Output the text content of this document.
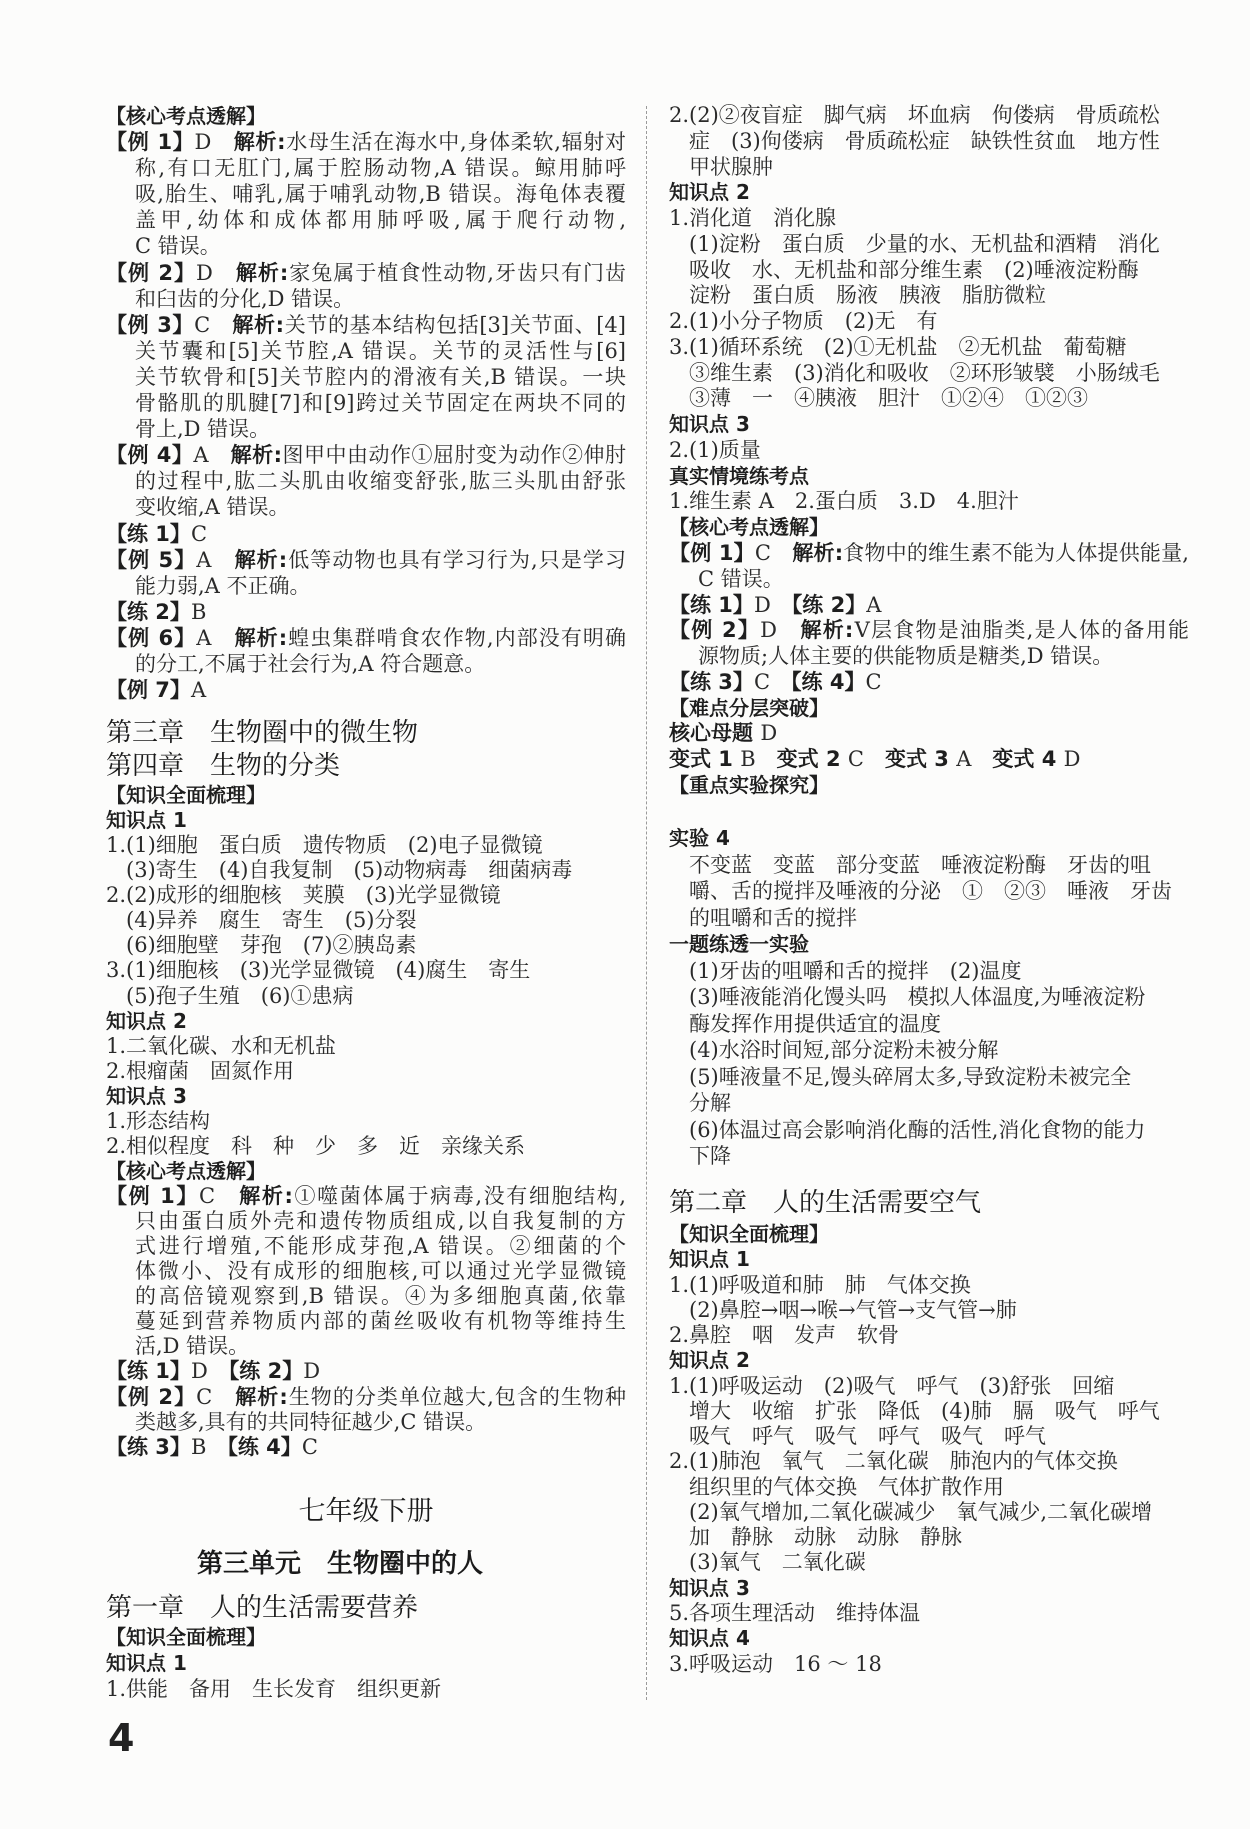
【核心考点透解】
【例 1】D　解析:水母生活在海水中,身体柔软,辐射对
称,有口无肛门,属于腔肠动物,A 错误。鲸用肺呼
吸,胎生、哺乳,属于哺乳动物,B 错误。海龟体表覆
盖甲,幼体和成体都用肺呼吸,属于爬行动物,
C 错误。
【例 2】D　解析:家兔属于植食性动物,牙齿只有门齿
和臼齿的分化,D 错误。
【例 3】C　解析:关节的基本结构包括[3]关节面、[4]
关节囊和[5]关节腔,A 错误。关节的灵活性与[6]
关节软骨和[5]关节腔内的滑液有关,B 错误。一块
骨骼肌的肌腱[7]和[9]跨过关节固定在两块不同的
骨上,D 错误。
【例 4】A　解析:图甲中由动作①屈肘变为动作②伸肘
的过程中,肱二头肌由收缩变舒张,肱三头肌由舒张
变收缩,A 错误。
【练 1】C
【例 5】A　解析:低等动物也具有学习行为,只是学习
能力弱,A 不正确。
【练 2】B
【例 6】A　解析:蝗虫集群啃食农作物,内部没有明确
的分工,不属于社会行为,A 符合题意。
【例 7】A
第三章　生物圈中的微生物
第四章　生物的分类
【知识全面梳理】
知识点 1
1.(1)细胞　蛋白质　遗传物质　(2)电子显微镜
(3)寄生　(4)自我复制　(5)动物病毒　细菌病毒
2.(2)成形的细胞核　荚膜　(3)光学显微镜
(4)异养　腐生　寄生　(5)分裂
(6)细胞壁　芽孢　(7)②胰岛素
3.(1)细胞核　(3)光学显微镜　(4)腐生　寄生
(5)孢子生殖　(6)①患病
知识点 2
1.二氧化碳、水和无机盐
2.根瘤菌　固氮作用
知识点 3
1.形态结构
2.相似程度　科　种　少　多　近　亲缘关系
【核心考点透解】
【例 1】C　解析:①噬菌体属于病毒,没有细胞结构,
只由蛋白质外壳和遗传物质组成,以自我复制的方
式进行增殖,不能形成芽孢,A 错误。②细菌的个
体微小、没有成形的细胞核,可以通过光学显微镜
的高倍镜观察到,B 错误。④为多细胞真菌,依靠
蔓延到营养物质内部的菌丝吸收有机物等维持生
活,D 错误。
【练 1】D　【练 2】D
【例 2】C　解析:生物的分类单位越大,包含的生物种
类越多,具有的共同特征越少,C 错误。
【练 3】B　【练 4】C
七年级下册
第三单元　生物圈中的人
第一章　人的生活需要营养
【知识全面梳理】
知识点 1
1.供能　备用　生长发育　组织更新
2.(2)②夜盲症　脚气病　坏血病　佝偻病　骨质疏松
症　(3)佝偻病　骨质疏松症　缺铁性贫血　地方性
甲状腺肿
知识点 2
1.消化道　消化腺
(1)淀粉　蛋白质　少量的水、无机盐和酒精　消化
吸收　水、无机盐和部分维生素　(2)唾液淀粉酶
淀粉　蛋白质　肠液　胰液　脂肪微粒
2.(1)小分子物质　(2)无　有
3.(1)循环系统　(2)①无机盐　②无机盐　葡萄糖
③维生素　(3)消化和吸收　②环形皱襞　小肠绒毛
③薄　一　④胰液　胆汁　①②④　①②③
知识点 3
2.(1)质量
真实情境练考点
1.维生素 A　2.蛋白质　3.D　4.胆汁
【核心考点透解】
【例 1】C　解析:食物中的维生素不能为人体提供能量,
C 错误。
【练 1】D　【练 2】A
【例 2】D　解析:Ⅴ层食物是油脂类,是人体的备用能
源物质;人体主要的供能物质是糖类,D 错误。
【练 3】C　【练 4】C
【难点分层突破】
核心母题 D
变式 1 B　变式 2 C　变式 3 A　变式 4 D
【重点实验探究】
实验 4
不变蓝　变蓝　部分变蓝　唾液淀粉酶　牙齿的咀
嚼、舌的搅拌及唾液的分泌　①　②③　唾液　牙齿
的咀嚼和舌的搅拌
一题练透一实验
(1)牙齿的咀嚼和舌的搅拌　(2)温度
(3)唾液能消化馒头吗　模拟人体温度,为唾液淀粉
酶发挥作用提供适宜的温度
(4)水浴时间短,部分淀粉未被分解
(5)唾液量不足,馒头碎屑太多,导致淀粉未被完全
分解
(6)体温过高会影响消化酶的活性,消化食物的能力
下降
第二章　人的生活需要空气
【知识全面梳理】
知识点 1
1.(1)呼吸道和肺　肺　气体交换
(2)鼻腔→咽→喉→气管→支气管→肺
2.鼻腔　咽　发声　软骨
知识点 2
1.(1)呼吸运动　(2)吸气　呼气　(3)舒张　回缩
增大　收缩　扩张　降低　(4)肺　膈　吸气　呼气
吸气　呼气　吸气　呼气　吸气　呼气
2.(1)肺泡　氧气　二氧化碳　肺泡内的气体交换
组织里的气体交换　气体扩散作用
(2)氧气增加,二氧化碳减少　氧气减少,二氧化碳增
加　静脉　动脉　动脉　静脉
(3)氧气　二氧化碳
知识点 3
5.各项生理活动　维持体温
知识点 4
3.呼吸运动　16 ～ 18
4
